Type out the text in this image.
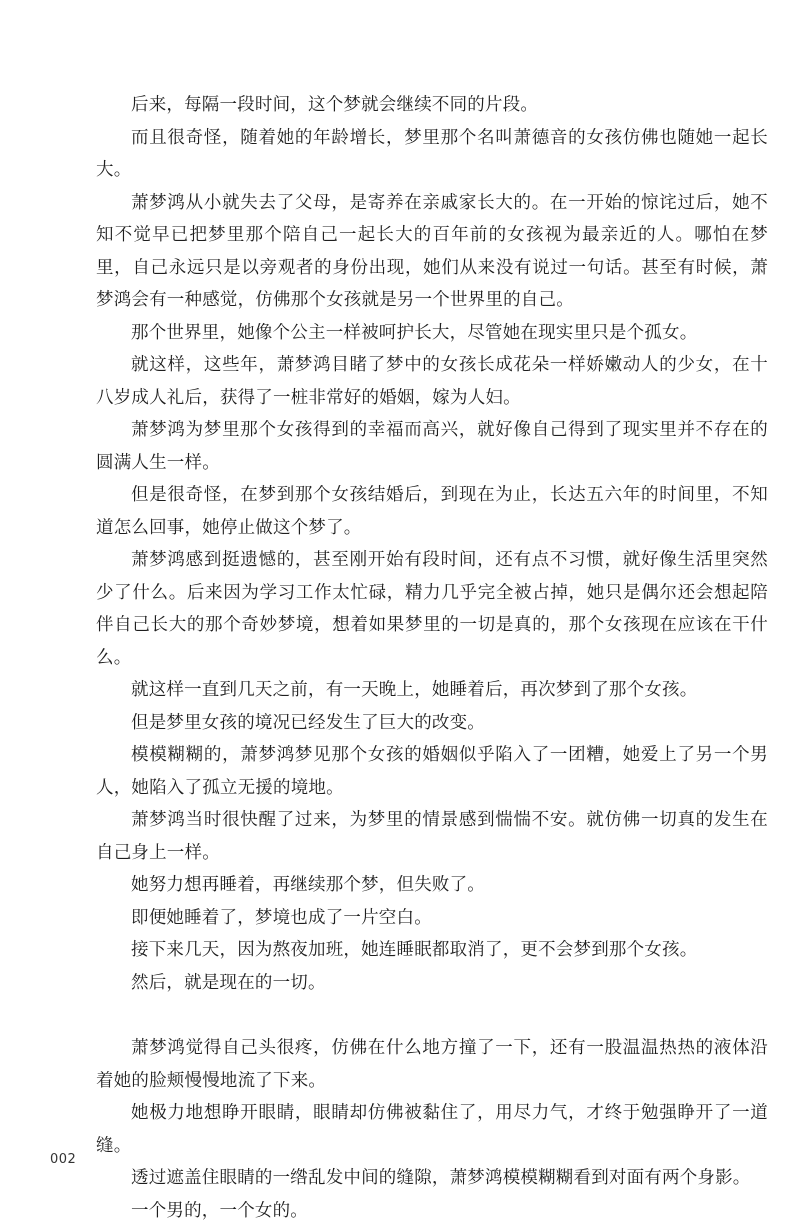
后来，每隔一段时间，这个梦就会继续不同的片段。

而且很奇怪，随着她的年龄增长，梦里那个名叫萧德音的女孩仿佛也随她一起长大。

萧梦鸿从小就失去了父母，是寄养在亲戚家长大的。在一开始的惊诧过后，她不知不觉早已把梦里那个陪自己一起长大的百年前的女孩视为最亲近的人。哪怕在梦里，自己永远只是以旁观者的身份出现，她们从来没有说过一句话。甚至有时候，萧梦鸿会有一种感觉，仿佛那个女孩就是另一个世界里的自己。

那个世界里，她像个公主一样被呵护长大，尽管她在现实里只是个孤女。

就这样，这些年，萧梦鸿目睹了梦中的女孩长成花朵一样娇嫩动人的少女，在十八岁成人礼后，获得了一桩非常好的婚姻，嫁为人妇。

萧梦鸿为梦里那个女孩得到的幸福而高兴，就好像自己得到了现实里并不存在的圆满人生一样。

但是很奇怪，在梦到那个女孩结婚后，到现在为止，长达五六年的时间里，不知道怎么回事，她停止做这个梦了。

萧梦鸿感到挺遗憾的，甚至刚开始有段时间，还有点不习惯，就好像生活里突然少了什么。后来因为学习工作太忙碌，精力几乎完全被占掉，她只是偶尔还会想起陪伴自己长大的那个奇妙梦境，想着如果梦里的一切是真的，那个女孩现在应该在干什么。

就这样一直到几天之前，有一天晚上，她睡着后，再次梦到了那个女孩。

但是梦里女孩的境况已经发生了巨大的改变。

模模糊糊的，萧梦鸿梦见那个女孩的婚姻似乎陷入了一团糟，她爱上了另一个男人，她陷入了孤立无援的境地。

萧梦鸿当时很快醒了过来，为梦里的情景感到惴惴不安。就仿佛一切真的发生在自己身上一样。

她努力想再睡着，再继续那个梦，但失败了。

即便她睡着了，梦境也成了一片空白。

接下来几天，因为熬夜加班，她连睡眠都取消了，更不会梦到那个女孩。

然后，就是现在的一切。

萧梦鸿觉得自己头很疼，仿佛在什么地方撞了一下，还有一股温温热热的液体沿着她的脸颊慢慢地流了下来。

她极力地想睁开眼睛，眼睛却仿佛被黏住了，用尽力气，才终于勉强睁开了一道缝。

透过遮盖住眼睛的一绺乱发中间的缝隙，萧梦鸿模模糊糊看到对面有两个身影。

一个男的，一个女的。

002
